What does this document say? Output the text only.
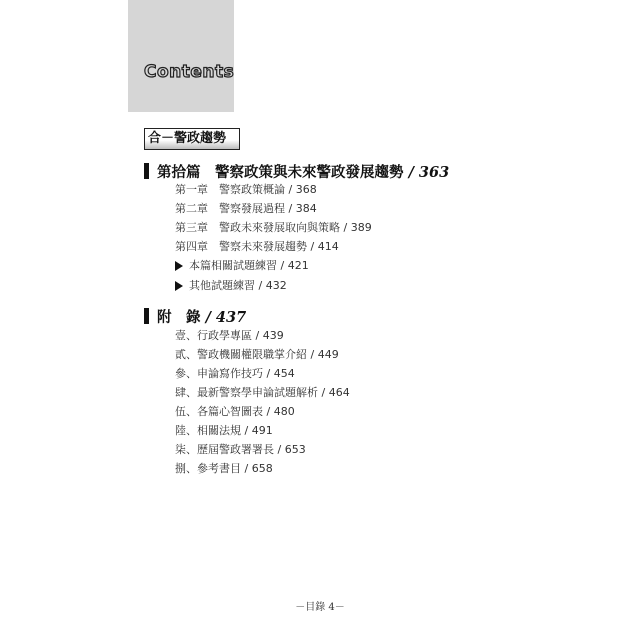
Contents
合－警政趨勢
第拾篇　警察政策與未來警政發展趨勢 / 363
第一章　警察政策概論 / 368
第二章　警察發展過程 / 384
第三章　警政未來發展取向與策略 / 389
第四章　警察未來發展趨勢 / 414
本篇相關試題練習 / 421
其他試題練習 / 432
附　錄 / 437
壹、行政學專區 / 439
貳、警政機關權限職掌介紹 / 449
參、申論寫作技巧 / 454
肆、最新警察學申論試題解析 / 464
伍、各篇心智圖表 / 480
陸、相關法規 / 491
柒、歷屆警政署署長 / 653
捌、參考書目 / 658
－目錄 4－
